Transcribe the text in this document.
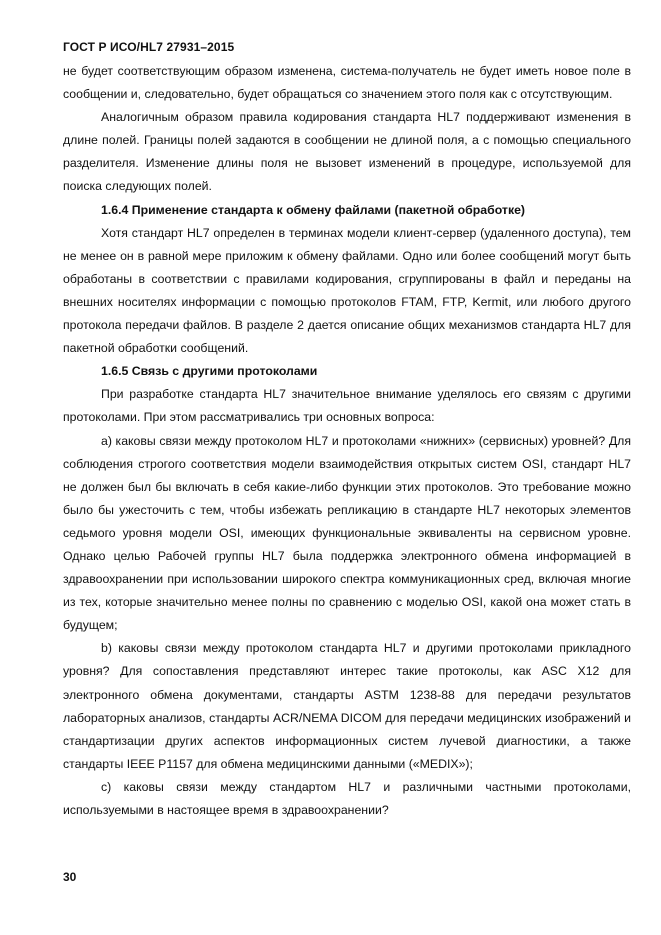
ГОСТ Р ИСО/HL7 27931–2015

не будет соответствующим образом изменена, система-получатель не будет иметь новое поле в сообщении и, следовательно, будет обращаться со значением этого поля как с отсутствующим.

Аналогичным образом правила кодирования стандарта HL7 поддерживают изменения в длине полей. Границы полей задаются в сообщении не длиной поля, а с помощью специального разделителя. Изменение длины поля не вызовет изменений в процедуре, используемой для поиска следующих полей.

1.6.4 Применение стандарта к обмену файлами (пакетной обработке)

Хотя стандарт HL7 определен в терминах модели клиент-сервер (удаленного доступа), тем не менее он в равной мере приложим к обмену файлами. Одно или более сообщений могут быть обработаны в соответствии с правилами кодирования, сгруппированы в файл и переданы на внешних носителях информации с помощью протоколов FTAM, FTP, Kermit, или любого другого протокола передачи файлов. В разделе 2 дается описание общих механизмов стандарта HL7 для пакетной обработки сообщений.

1.6.5 Связь с другими протоколами

При разработке стандарта HL7 значительное внимание уделялось его связям с другими протоколами. При этом рассматривались три основных вопроса:

а) каковы связи между протоколом HL7 и протоколами «нижних» (сервисных) уровней? Для соблюдения строгого соответствия модели взаимодействия открытых систем OSI, стандарт HL7 не должен был бы включать в себя какие-либо функции этих протоколов. Это требование можно было бы ужесточить с тем, чтобы избежать репликацию в стандарте HL7 некоторых элементов седьмого уровня модели OSI, имеющих функциональные эквиваленты на сервисном уровне. Однако целью Рабочей группы HL7 была поддержка электронного обмена информацией в здравоохранении при использовании широкого спектра коммуникационных сред, включая многие из тех, которые значительно менее полны по сравнению с моделью OSI, какой она может стать в будущем;

b) каковы связи между протоколом стандарта HL7 и другими протоколами прикладного уровня? Для сопоставления представляют интерес такие протоколы, как ASC X12 для электронного обмена документами, стандарты ASTM 1238-88 для передачи результатов лабораторных анализов, стандарты ACR/NEMA DICOM для передачи медицинских изображений и стандартизации других аспектов информационных систем лучевой диагностики, а также стандарты IEEE P1157 для обмена медицинскими данными («MEDIX»);

с) каковы связи между стандартом HL7 и различными частными протоколами, используемыми в настоящее время в здравоохранении?

30
